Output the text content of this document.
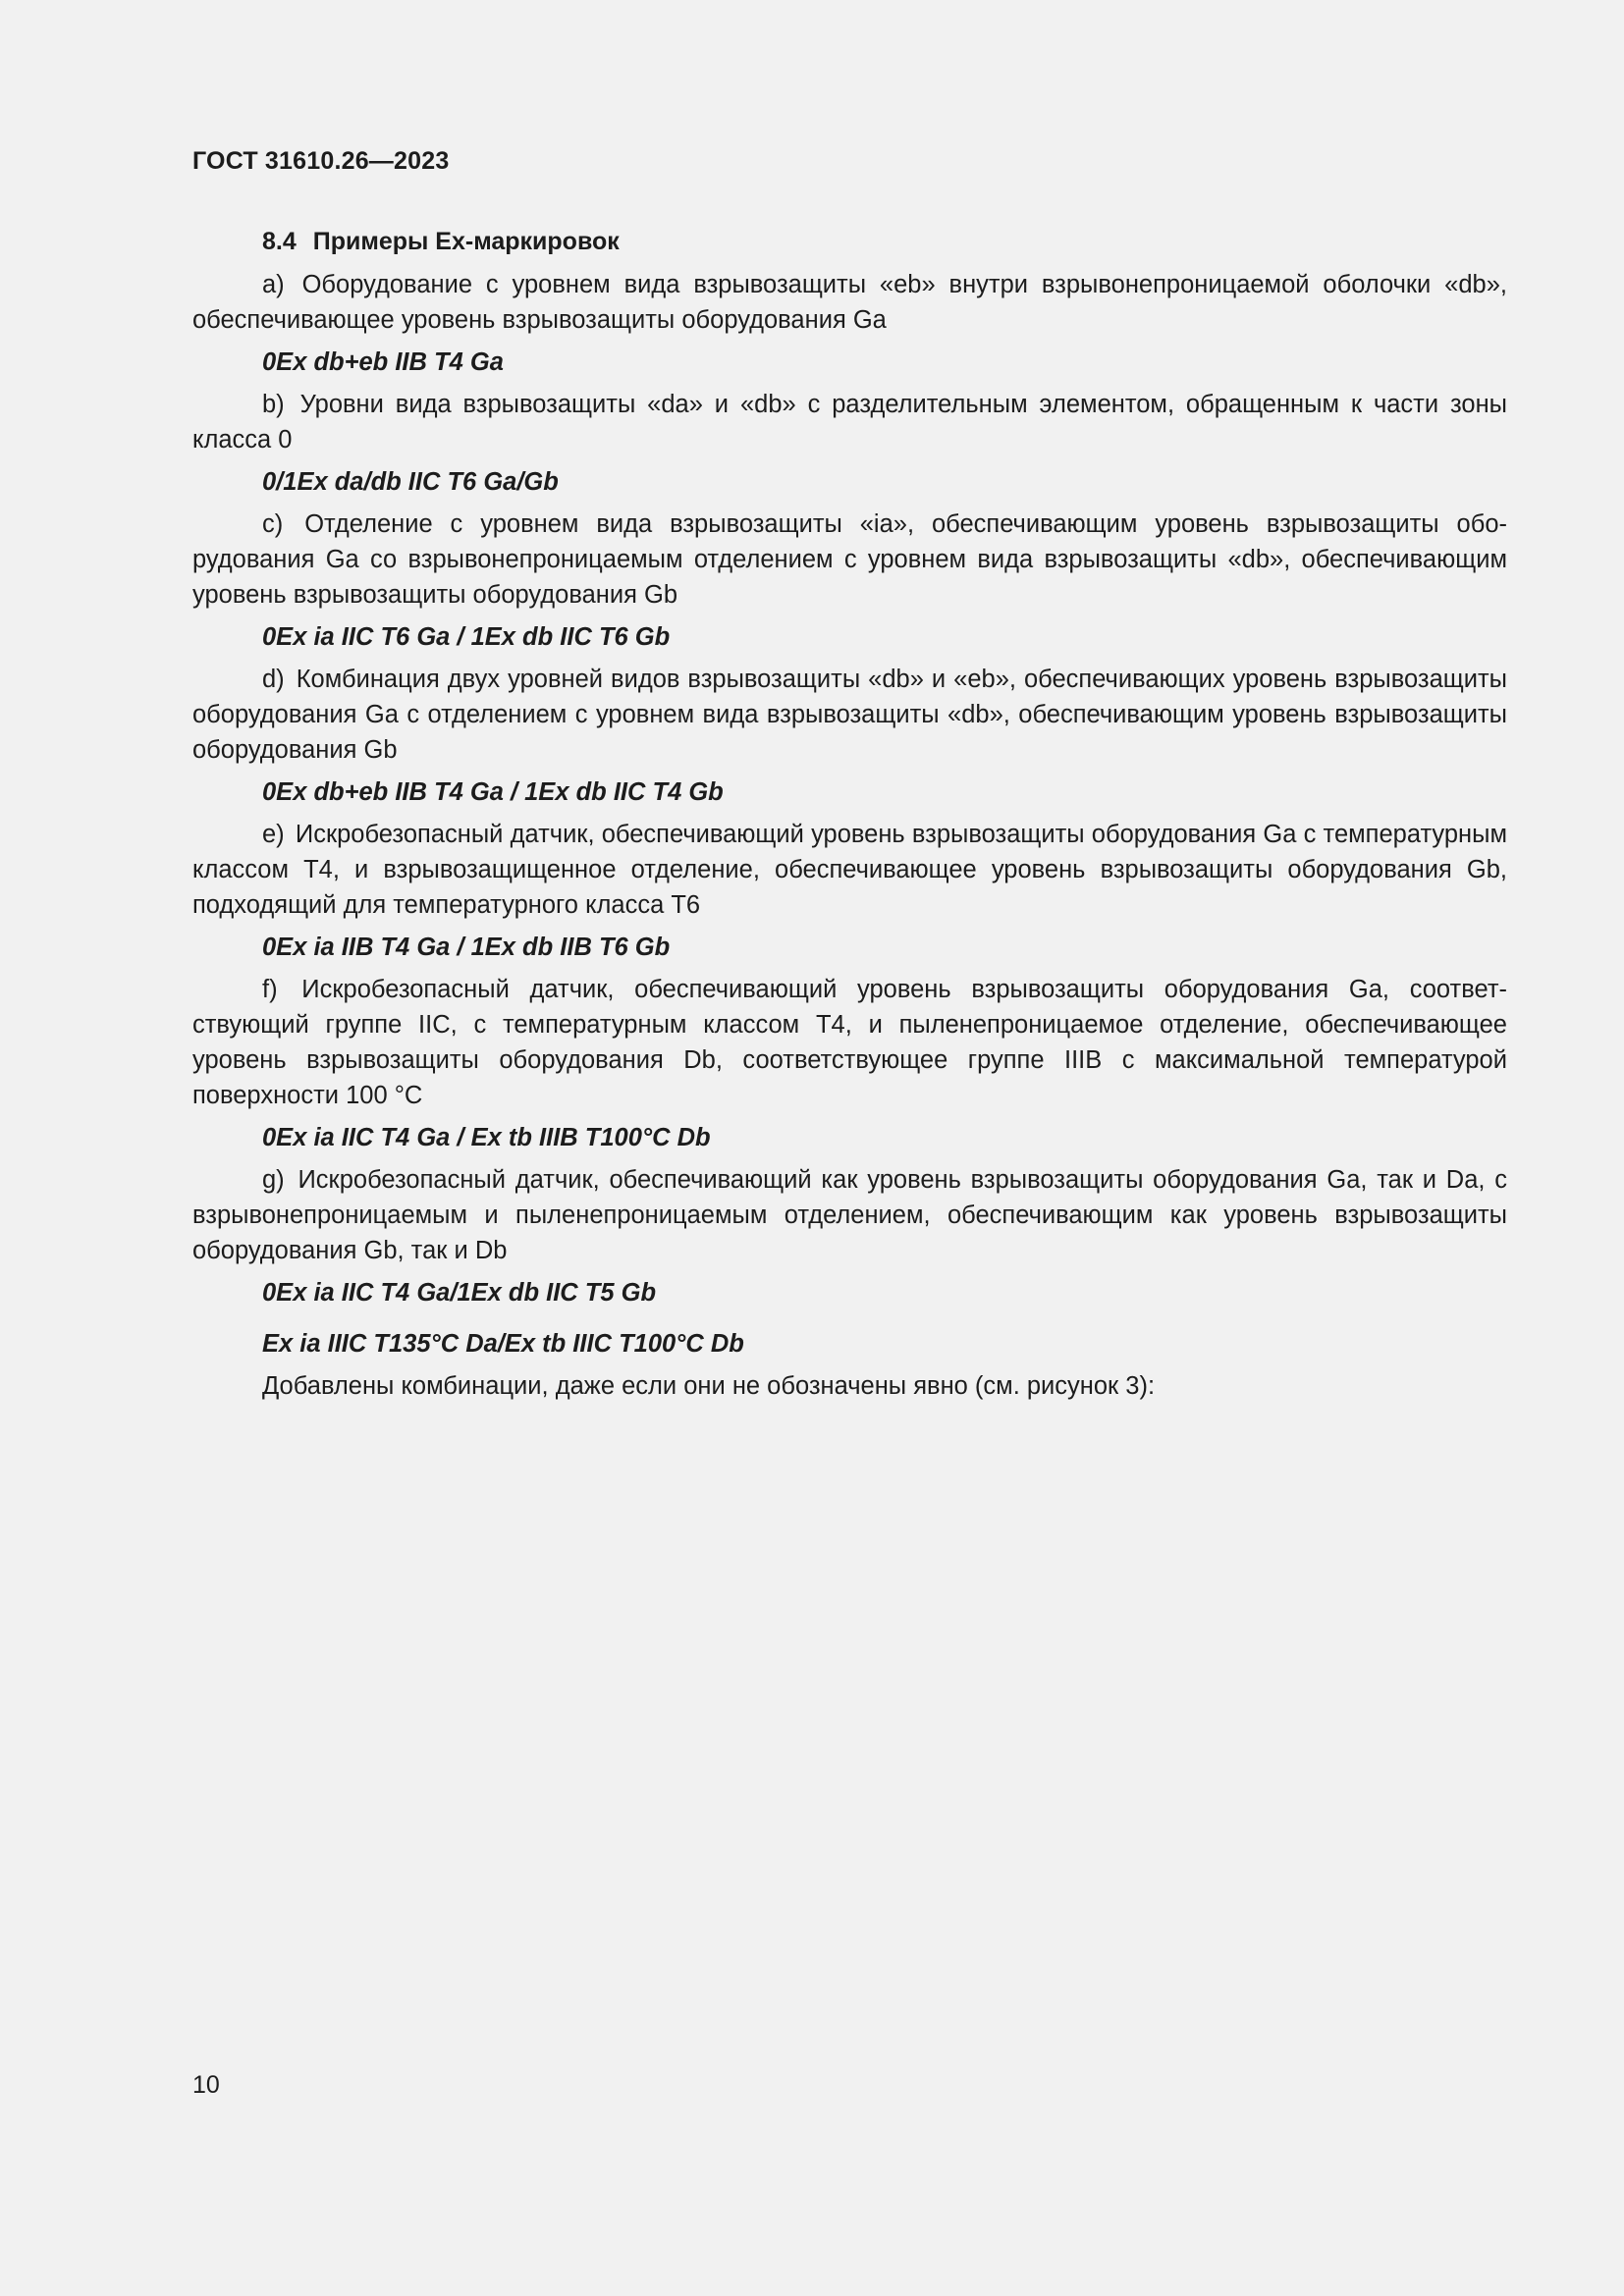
ГОСТ 31610.26—2023
8.4 Примеры Ex-маркировок

a) Оборудование с уровнем вида взрывозащиты «eb» внутри взрывонепроницаемой оболочки «db», обеспечивающее уровень взрывозащиты оборудования Ga

0Ex db+eb IIB T4 Ga

b) Уровни вида взрывозащиты «da» и «db» с разделительным элементом, обращенным к части зоны класса 0

0/1Ex da/db IIC T6 Ga/Gb

c) Отделение с уровнем вида взрывозащиты «ia», обеспечивающим уровень взрывозащиты оборудования Ga со взрывонепроницаемым отделением с уровнем вида взрывозащиты «db», обеспечивающим уровень взрывозащиты оборудования Gb

0Ex ia IIC T6 Ga / 1Ex db IIC T6 Gb

d) Комбинация двух уровней видов взрывозащиты «db» и «eb», обеспечивающих уровень взрывозащиты оборудования Ga с отделением с уровнем вида взрывозащиты «db», обеспечивающим уровень взрывозащиты оборудования Gb

0Ex db+eb IIB T4 Ga / 1Ex db IIC T4 Gb

e) Искробезопасный датчик, обеспечивающий уровень взрывозащиты оборудования Ga с температурным классом T4, и взрывозащищенное отделение, обеспечивающее уровень взрывозащиты оборудования Gb, подходящий для температурного класса T6

0Ex ia IIB T4 Ga / 1Ex db IIB T6 Gb

f) Искробезопасный датчик, обеспечивающий уровень взрывозащиты оборудования Ga, соответствующий группе IIC, с температурным классом T4, и пыленепроницаемое отделение, обеспечивающее уровень взрывозащиты оборудования Db, соответствующее группе IIIB с максимальной температурой поверхности 100 °C

0Ex ia IIC T4 Ga / Ex tb IIIB T100°C Db

g) Искробезопасный датчик, обеспечивающий как уровень взрывозащиты оборудования Ga, так и Da, с взрывонепроницаемым и пыленепроницаемым отделением, обеспечивающим как уровень взрывозащиты оборудования Gb, так и Db

0Ex ia IIC T4 Ga/1Ex db IIC T5 Gb
Ex ia IIIC T135°C Da/Ex tb IIIC T100°C Db
Добавлены комбинации, даже если они не обозначены явно (см. рисунок 3):
10
